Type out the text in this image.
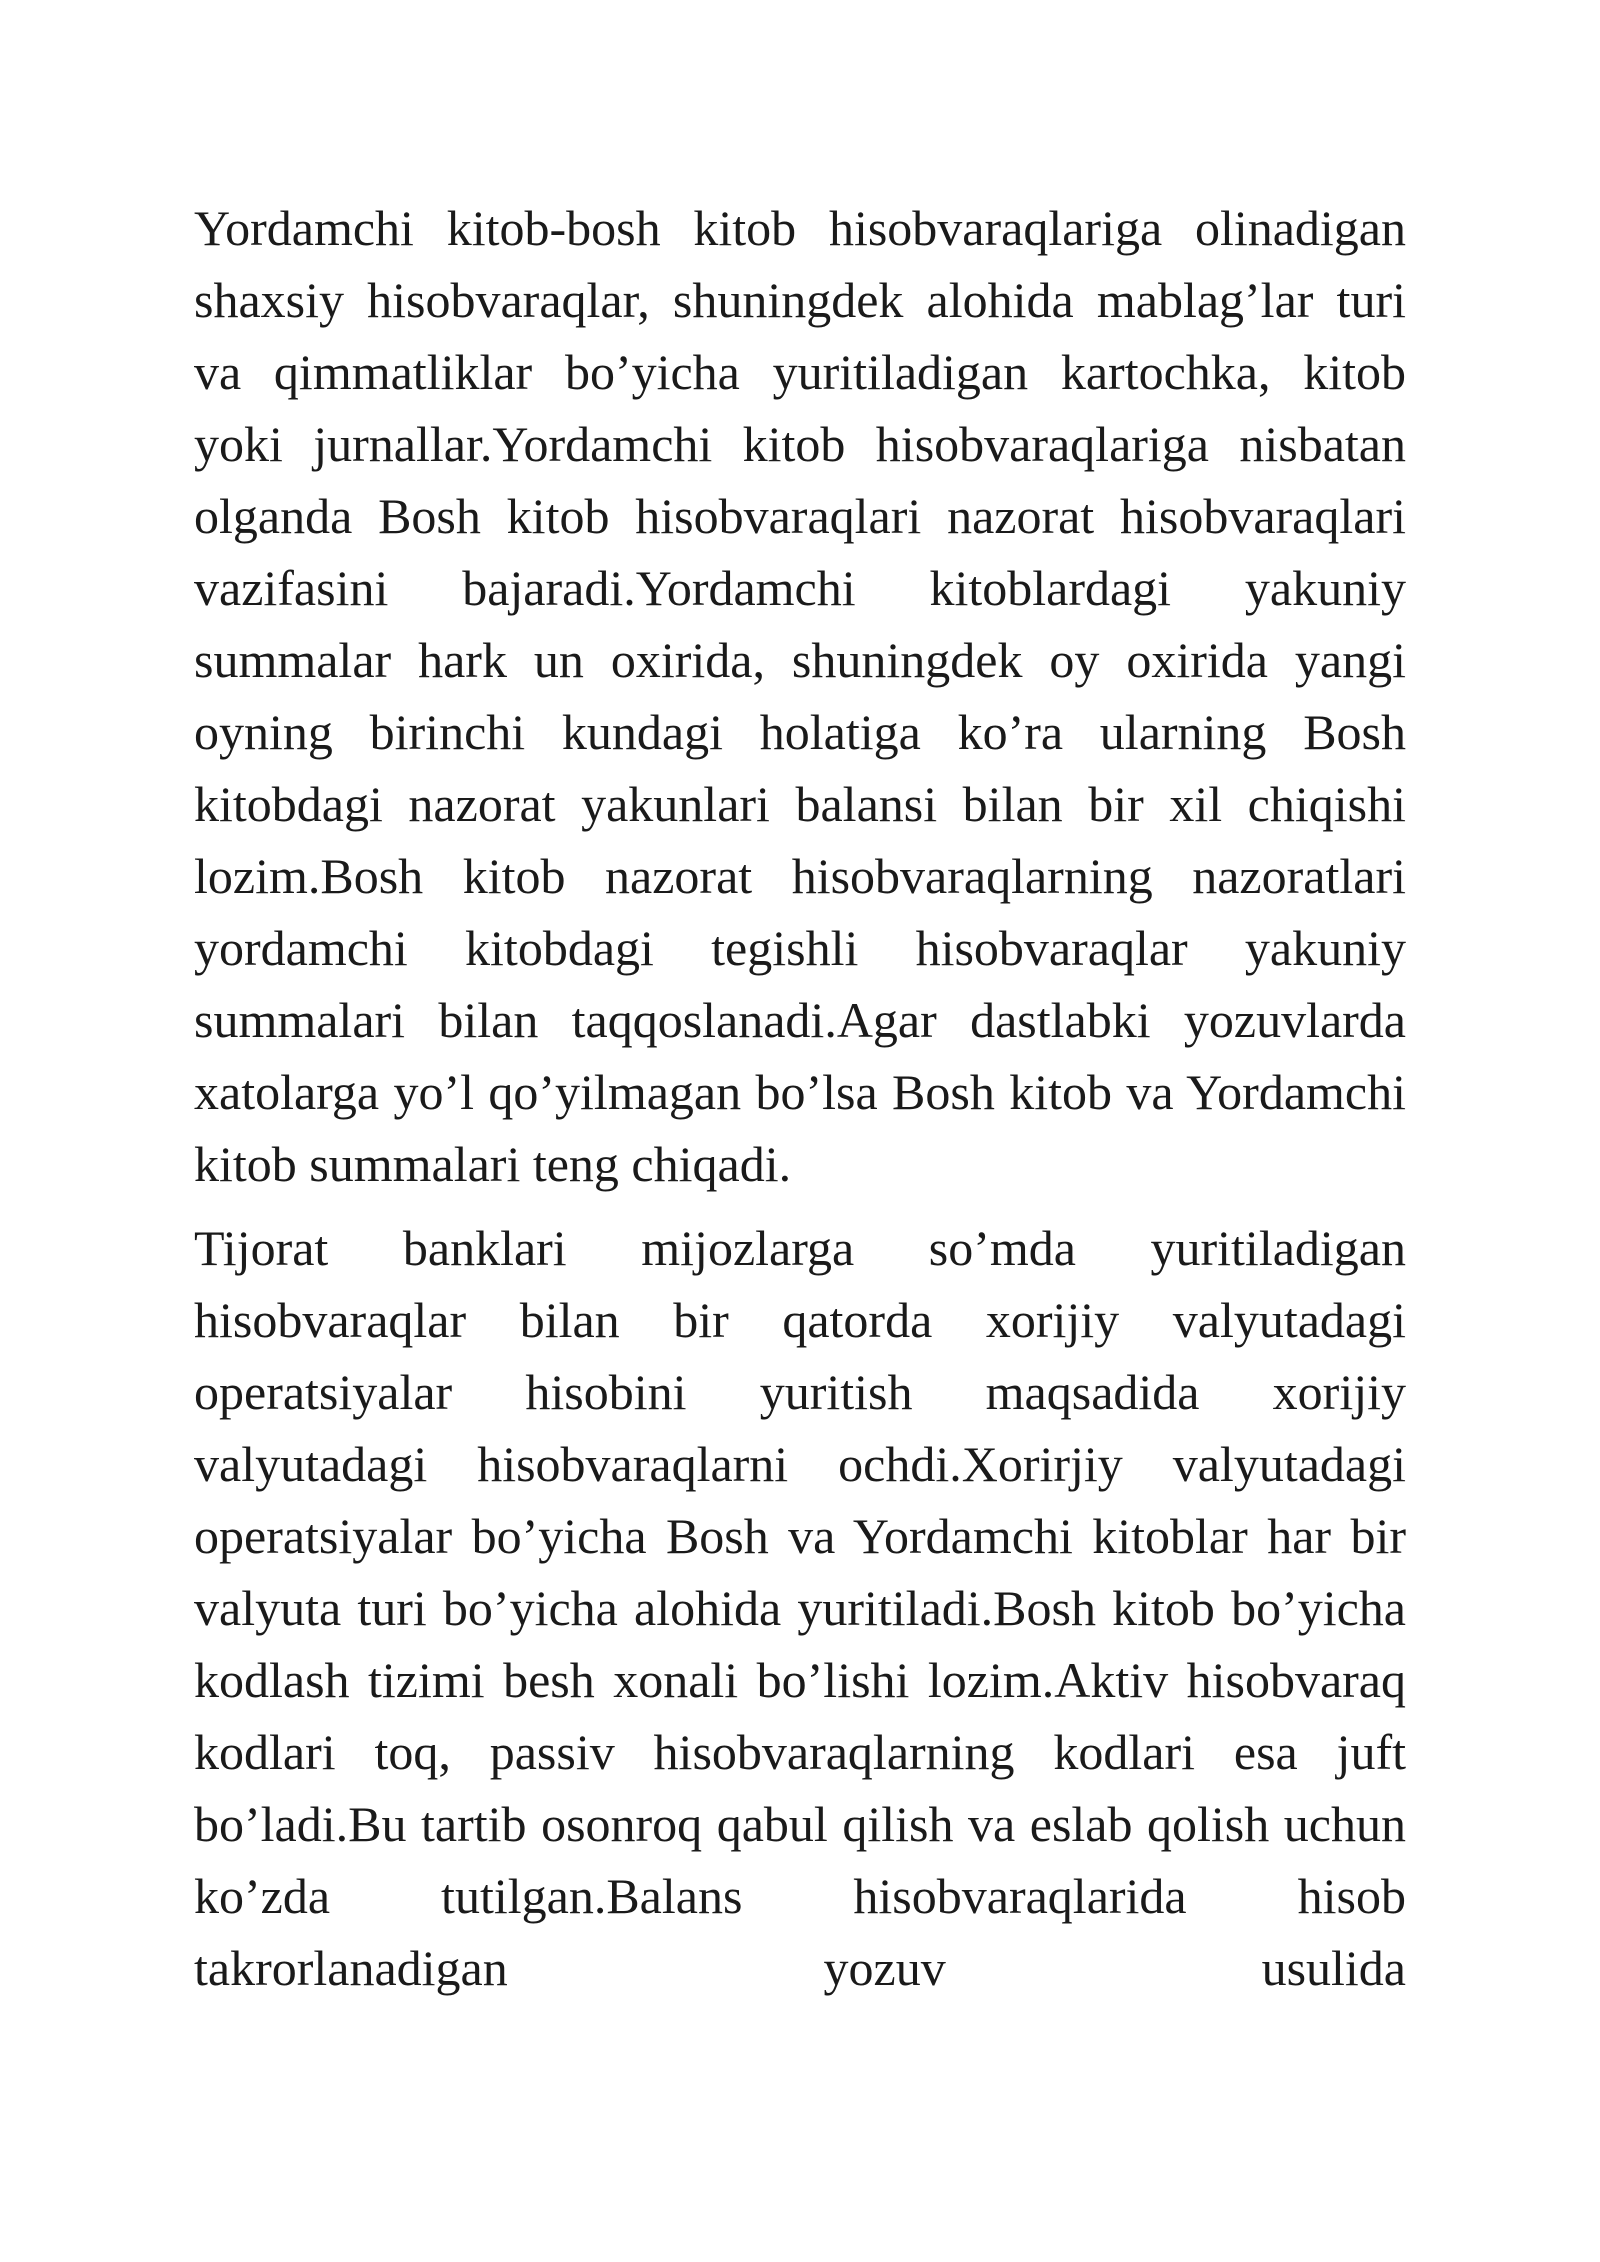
Yordamchi kitob-bosh kitob hisobvaraqlariga olinadigan shaxsiy hisobvaraqlar, shuningdek alohida mablag’lar turi va qimmatliklar bo’yicha yuritiladigan kartochka, kitob yoki jurnallar.Yordamchi kitob hisobvaraqlariga nisbatan olganda Bosh kitob hisobvaraqlari nazorat hisobvaraqlari vazifasini bajaradi.Yordamchi kitoblardagi yakuniy summalar hark un oxirida, shuningdek oy oxirida yangi oyning birinchi kundagi holatiga ko’ra ularning Bosh kitobdagi nazorat yakunlari balansi bilan bir xil chiqishi lozim.Bosh kitob nazorat hisobvaraqlarning nazoratlari yordamchi kitobdagi tegishli hisobvaraqlar yakuniy summalari bilan taqqoslanadi.Agar dastlabki yozuvlarda xatolarga yo’l qo’yilmagan bo’lsa Bosh kitob va Yordamchi kitob summalari teng chiqadi.

Tijorat banklari mijozlarga so’mda yuritiladigan hisobvaraqlar bilan bir qatorda xorijiy valyutadagi operatsiyalar hisobini yuritish maqsadida xorijiy valyutadagi hisobvaraqlarni ochdi.Xorirjiy valyutadagi operatsiyalar bo’yicha Bosh va Yordamchi kitoblar har bir valyuta turi bo’yicha alohida yuritiladi.Bosh kitob bo’yicha kodlash tizimi besh xonali bo’lishi lozim.Aktiv hisobvaraq kodlari toq, passiv hisobvaraqlarning kodlari esa juft bo’ladi.Bu tartib osonroq qabul qilish va eslab qolish uchun ko’zda tutilgan.Balans hisobvaraqlarida hisob takrorlanadigan yozuv usulida
